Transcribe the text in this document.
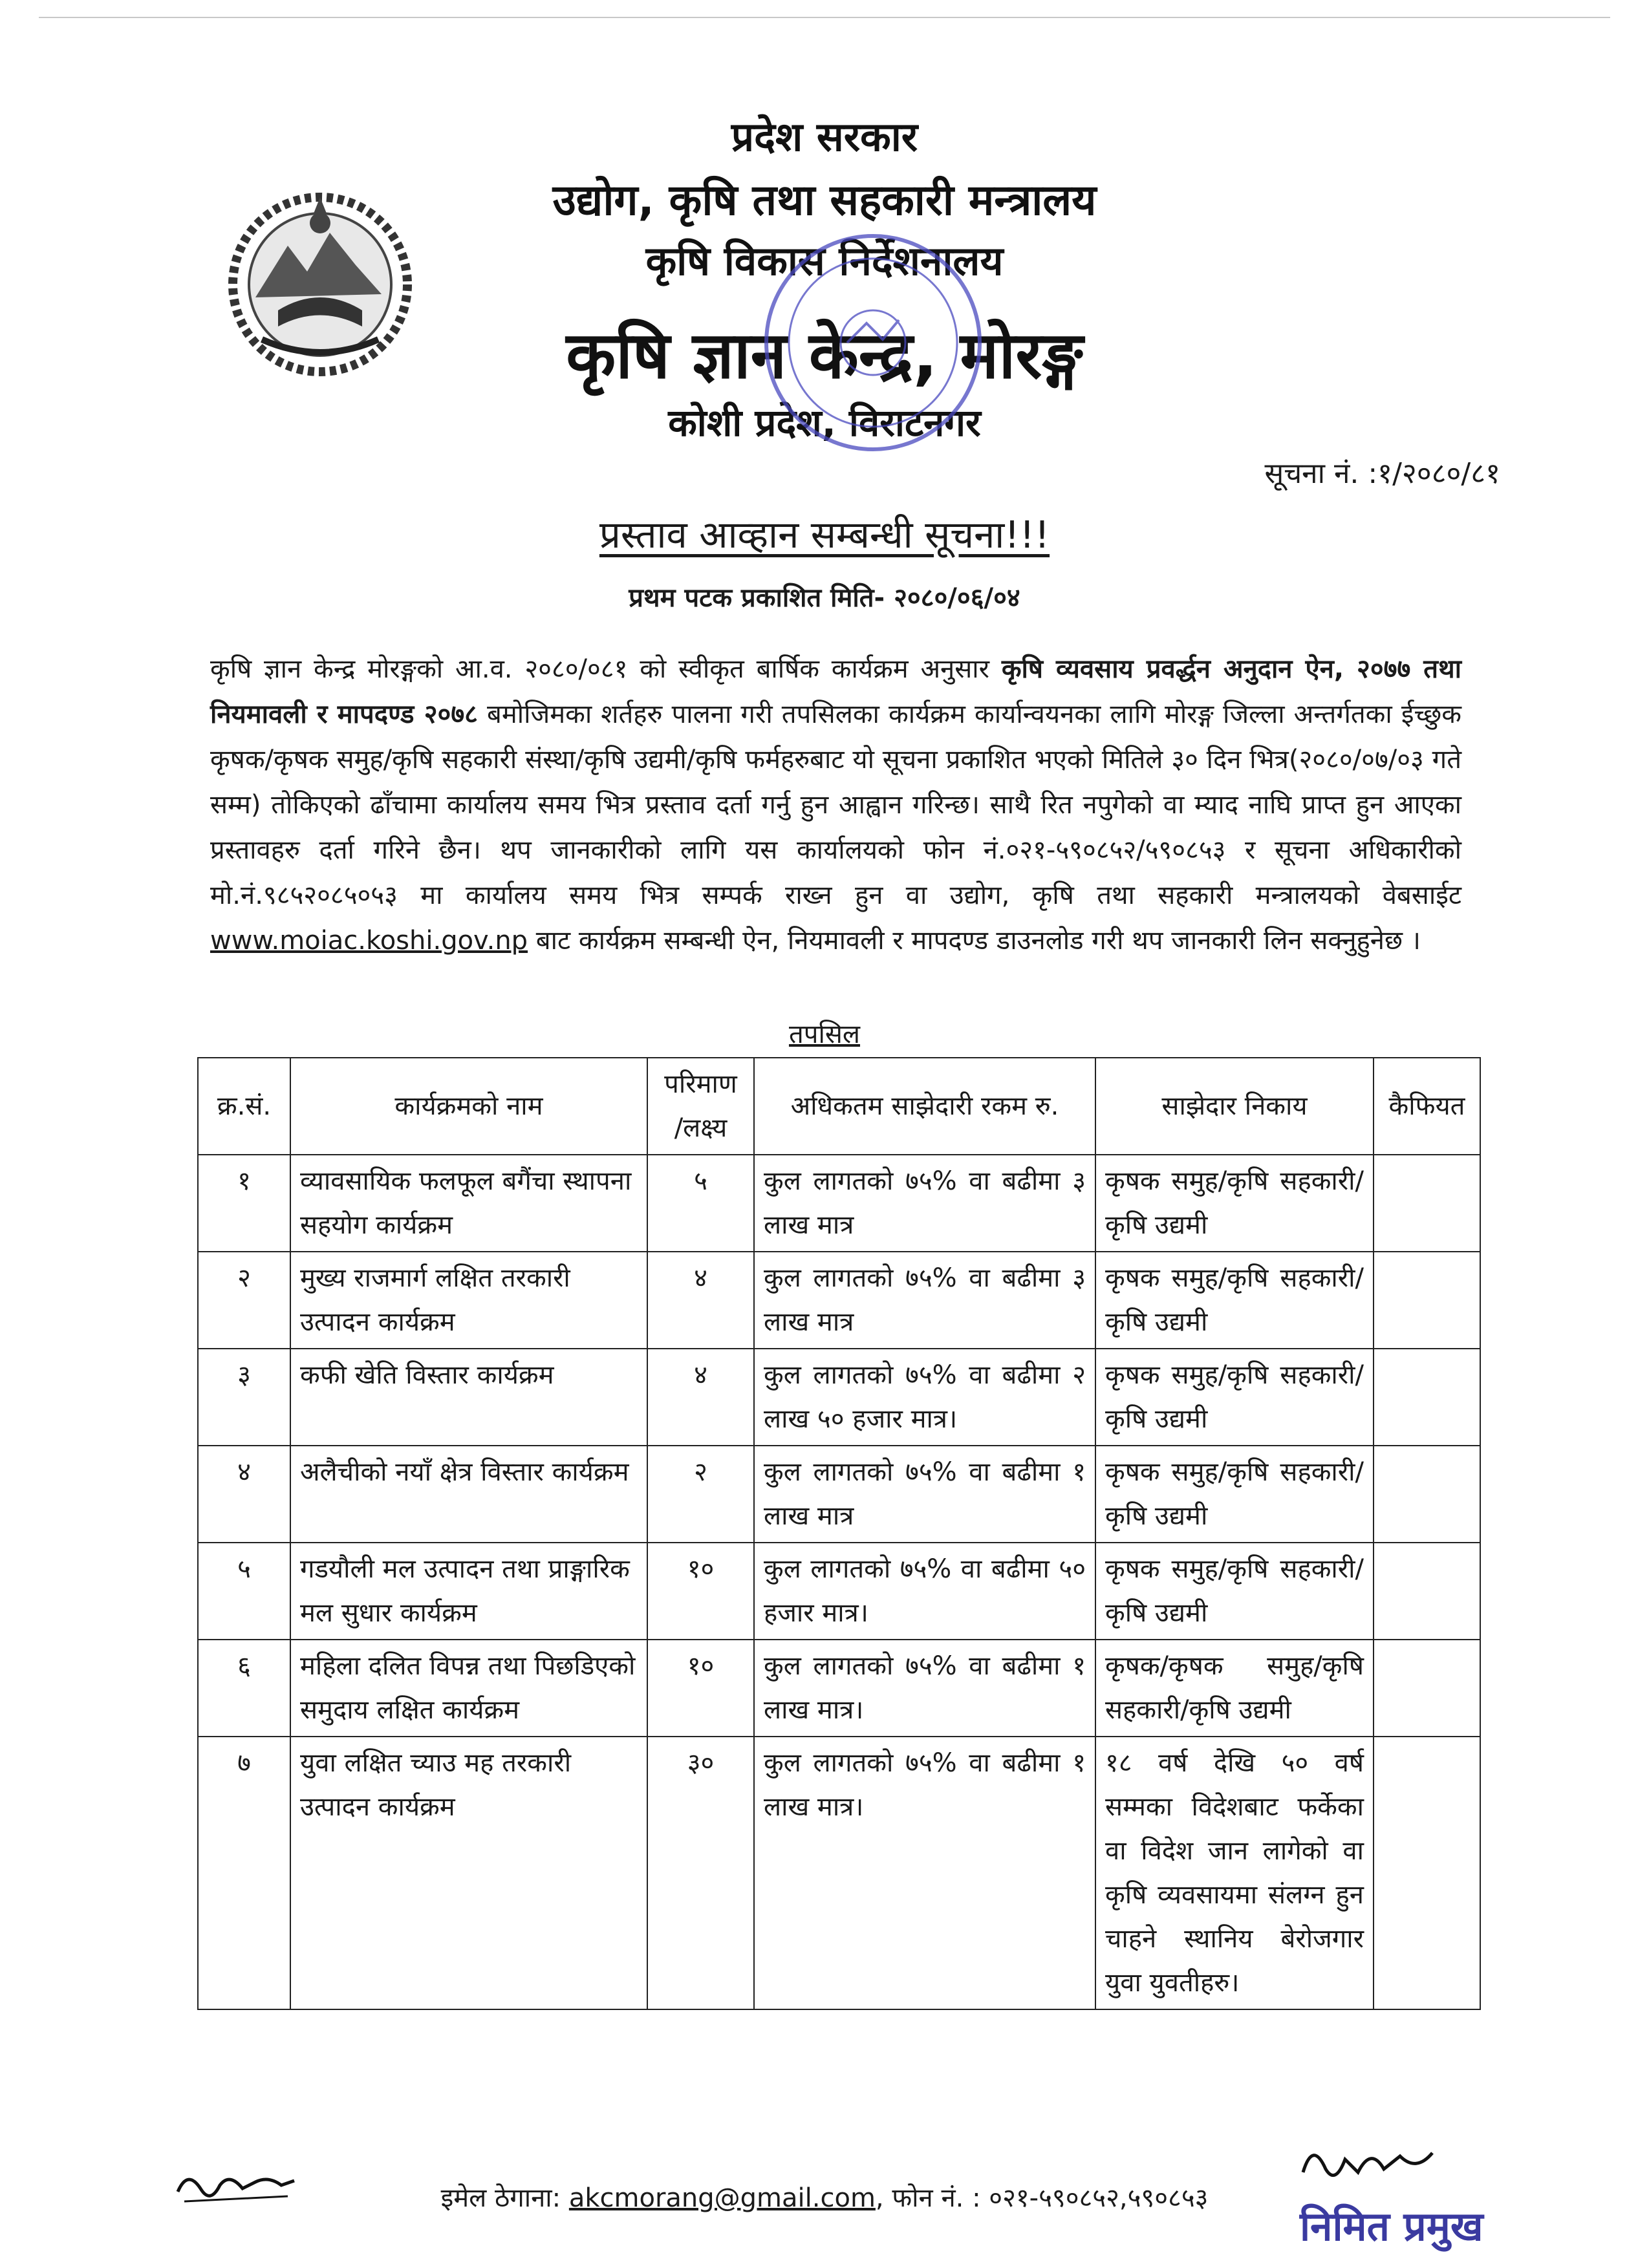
प्रदेश सरकार
उद्योग, कृषि तथा सहकारी मन्त्रालय
कृषि विकास निर्देशनालय
कृषि ज्ञान केन्द्र, मोरङ्ग
कोशी प्रदेश, विराटनगर
सूचना नं. :१/२०८०/८१
प्रस्ताव आव्हान सम्बन्धी सूचना!!!
प्रथम पटक प्रकाशित मिति- २०८०/०६/०४
कृषि ज्ञान केन्द्र मोरङ्गको आ.व. २०८०/०८१ को स्वीकृत बार्षिक कार्यक्रम अनुसार कृषि व्यवसाय प्रवर्द्धन अनुदान ऐन, २०७७ तथा नियमावली र मापदण्ड २०७८ बमोजिमका शर्तहरु पालना गरी तपसिलका कार्यक्रम कार्यान्वयनका लागि मोरङ्ग जिल्ला अन्तर्गतका ईच्छुक कृषक/कृषक समुह/कृषि सहकारी संस्था/कृषि उद्यमी/कृषि फर्महरुबाट यो सूचना प्रकाशित भएको मितिले ३० दिन भित्र(२०८०/०७/०३ गते सम्म) तोकिएको ढाँचामा कार्यालय समय भित्र प्रस्ताव दर्ता गर्नु हुन आह्वान गरिन्छ। साथै रित नपुगेको वा म्याद नाघि प्राप्त हुन आएका प्रस्तावहरु दर्ता गरिने छैन। थप जानकारीको लागि यस कार्यालयको फोन नं.०२१-५९०८५२/५९०८५३ र सूचना अधिकारीको मो.नं.९८५२०८५०५३ मा कार्यालय समय भित्र सम्पर्क राख्न हुन वा उद्योग, कृषि तथा सहकारी मन्त्रालयको वेबसाईट www.moiac.koshi.gov.np बाट कार्यक्रम सम्बन्धी ऐन, नियमावली र मापदण्ड डाउनलोड गरी थप जानकारी लिन सक्नुहुनेछ ।
तपसिल
क्र.सं.	कार्यक्रमको नाम	परिमाण /लक्ष्य	अधिकतम साझेदारी रकम रु.	साझेदार निकाय	कैफियत
१	व्यावसायिक फलफूल बगैंचा स्थापना सहयोग कार्यक्रम	५	कुल लागतको ७५% वा बढीमा ३ लाख मात्र	कृषक समुह/कृषि सहकारी/कृषि उद्यमी	
२	मुख्य राजमार्ग लक्षित तरकारी उत्पादन कार्यक्रम	४	कुल लागतको ७५% वा बढीमा ३ लाख मात्र	कृषक समुह/कृषि सहकारी/कृषि उद्यमी	
३	कफी खेति विस्तार कार्यक्रम	४	कुल लागतको ७५% वा बढीमा २ लाख ५० हजार मात्र।	कृषक समुह/कृषि सहकारी/कृषि उद्यमी	
४	अलैचीको नयाँ क्षेत्र विस्तार कार्यक्रम	२	कुल लागतको ७५% वा बढीमा १ लाख मात्र	कृषक समुह/कृषि सहकारी/कृषि उद्यमी	
५	गडयौली मल उत्पादन तथा प्राङ्गारिक मल सुधार कार्यक्रम	१०	कुल लागतको ७५% वा बढीमा ५० हजार मात्र।	कृषक समुह/कृषि सहकारी/कृषि उद्यमी	
६	महिला दलित विपन्न तथा पिछडिएको समुदाय लक्षित कार्यक्रम	१०	कुल लागतको ७५% वा बढीमा १ लाख मात्र।	कृषक/कृषक समुह/कृषि सहकारी/कृषि उद्यमी	
७	युवा लक्षित च्याउ मह तरकारी उत्पादन कार्यक्रम	३०	कुल लागतको ७५% वा बढीमा १ लाख मात्र।	१८ वर्ष देखि ५० वर्ष सम्मका विदेशबाट फर्केका वा विदेश जान लागेको वा कृषि व्यवसायमा संलग्न हुन चाहने स्थानिय बेरोजगार युवा युवतीहरु।	
इमेल ठेगाना: akcmorang@gmail.com, फोन नं. : ०२१-५९०८५२,५९०८५३
निमित प्रमुख
